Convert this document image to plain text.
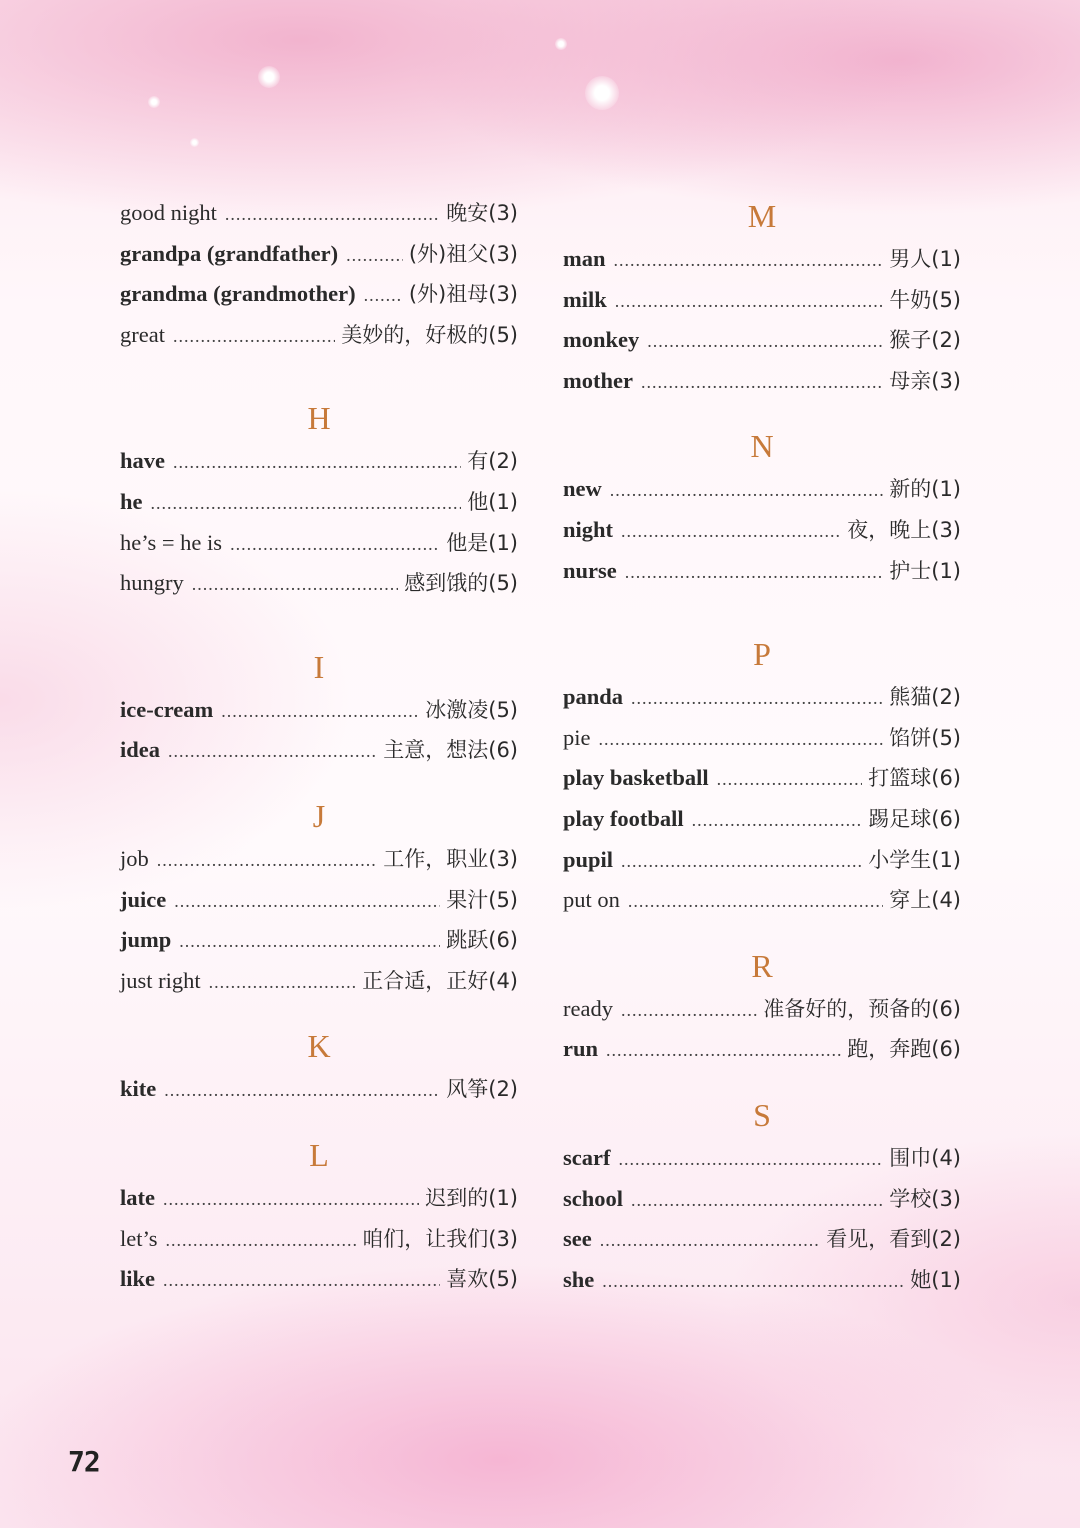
good night .....	晚安(3)
grandpa (grandfather) .....	(外)祖父(3)
grandma (grandmother) .....	(外)祖母(3)
great .....	美妙的，好极的(5)
H
have .....	有(2)
he .....	他(1)
he’s = he is .....	他是(1)
hungry .....	感到饿的(5)
I
ice-cream .....	冰激凌(5)
idea .....	主意，想法(6)
J
job .....	工作，职业(3)
juice .....	果汁(5)
jump .....	跳跃(6)
just right .....	正合适，正好(4)
K
kite .....	风筝(2)
L
late .....	迟到的(1)
let’s .....	咱们，让我们(3)
like .....	喜欢(5)
M
man .....	男人(1)
milk .....	牛奶(5)
monkey .....	猴子(2)
mother .....	母亲(3)
N
new .....	新的(1)
night .....	夜，晚上(3)
nurse .....	护士(1)
P
panda .....	熊猫(2)
pie .....	馅饼(5)
play basketball .....	打篮球(6)
play football .....	踢足球(6)
pupil .....	小学生(1)
put on .....	穿上(4)
R
ready .....	准备好的，预备的(6)
run .....	跑，奔跑(6)
S
scarf .....	围巾(4)
school .....	学校(3)
see .....	看见，看到(2)
she .....	她(1)
72
